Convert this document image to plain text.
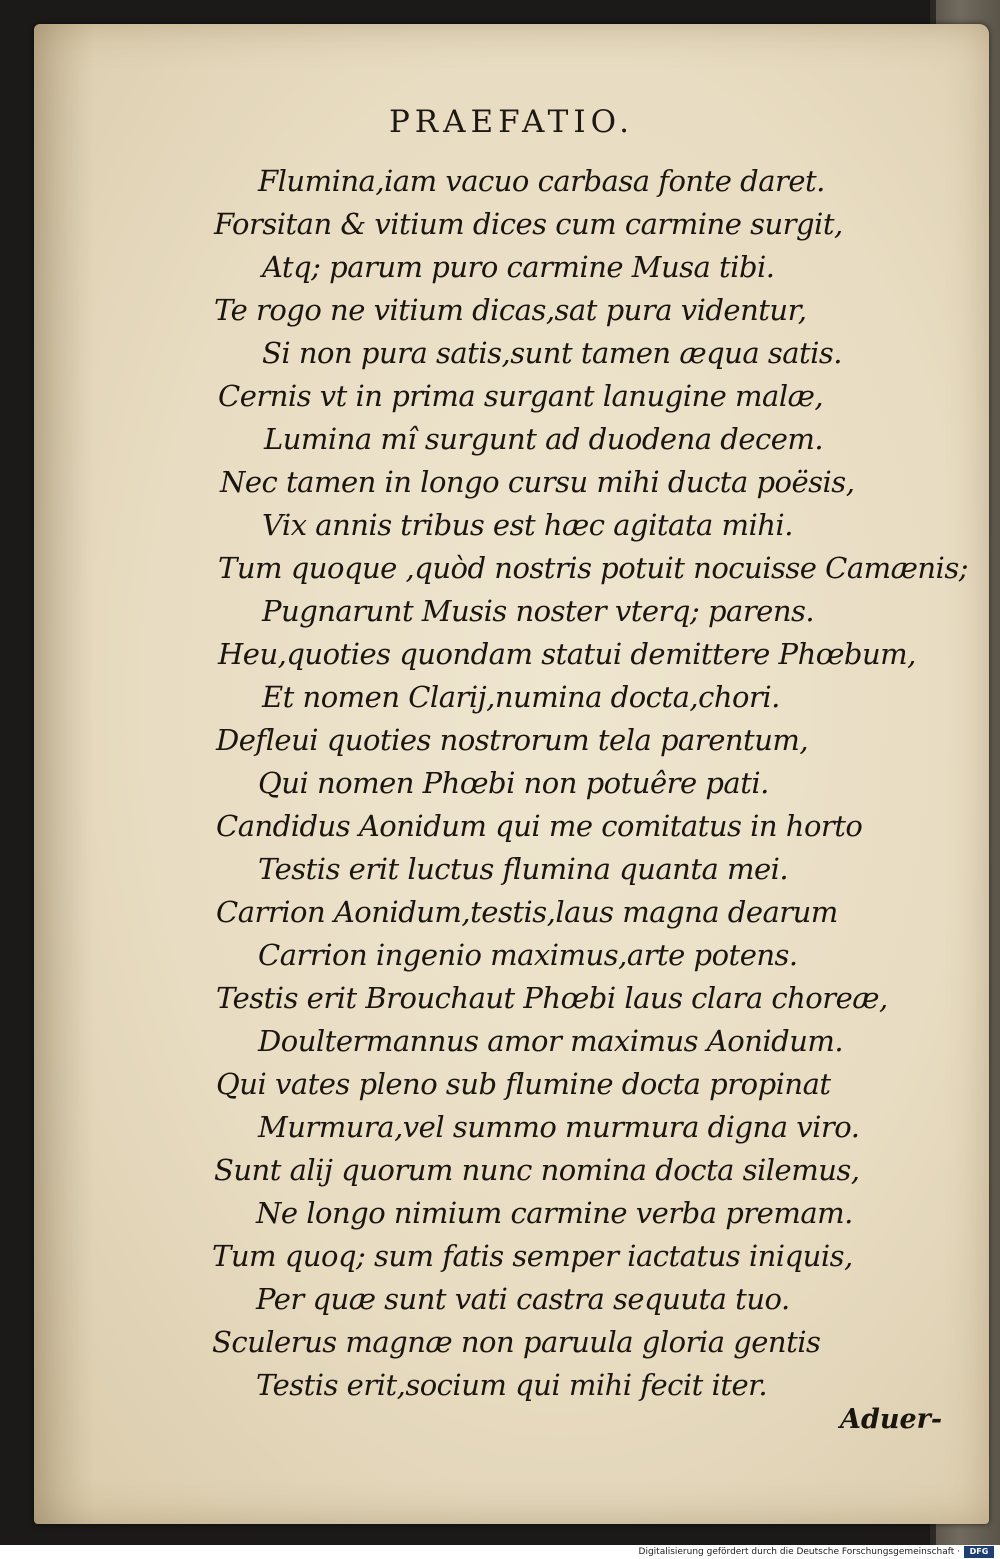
PRAEFATIO.
Flumina,iam vacuo carbasa fonte daret.
Forsitan & vitium dices cum carmine surgit,
Atq; parum puro carmine Musa tibi.
Te rogo ne vitium dicas,sat pura videntur,
Si non pura satis,sunt tamen æqua satis.
Cernis vt in prima surgant lanugine malæ,
Lumina mî surgunt ad duodena decem.
Nec tamen in longo cursu mihi ducta poësis,
Vix annis tribus est hæc agitata mihi.
Tum quoque ,quòd nostris potuit nocuisse Camænis;
Pugnarunt Musis noster vterq; parens.
Heu,quoties quondam statui demittere Phœbum,
Et nomen Clarij,numina docta,chori.
Defleui quoties nostrorum tela parentum,
Qui nomen Phœbi non potuêre pati.
Candidus Aonidum qui me comitatus in horto
Testis erit luctus flumina quanta mei.
Carrion Aonidum,testis,laus magna dearum
Carrion ingenio maximus,arte potens.
Testis erit Brouchaut Phœbi laus clara choreæ,
Doultermannus amor maximus Aonidum.
Qui vates pleno sub flumine docta propinat
Murmura,vel summo murmura digna viro.
Sunt alij quorum nunc nomina docta silemus,
Ne longo nimium carmine verba premam.
Tum quoq; sum fatis semper iactatus iniquis,
Per quæ sunt vati castra sequuta tuo.
Sculerus magnæ non paruula gloria gentis
Testis erit,socium qui mihi fecit iter.
Aduer-
Digitalisierung gefördert durch die Deutsche Forschungsgemeinschaft ·	DFG
